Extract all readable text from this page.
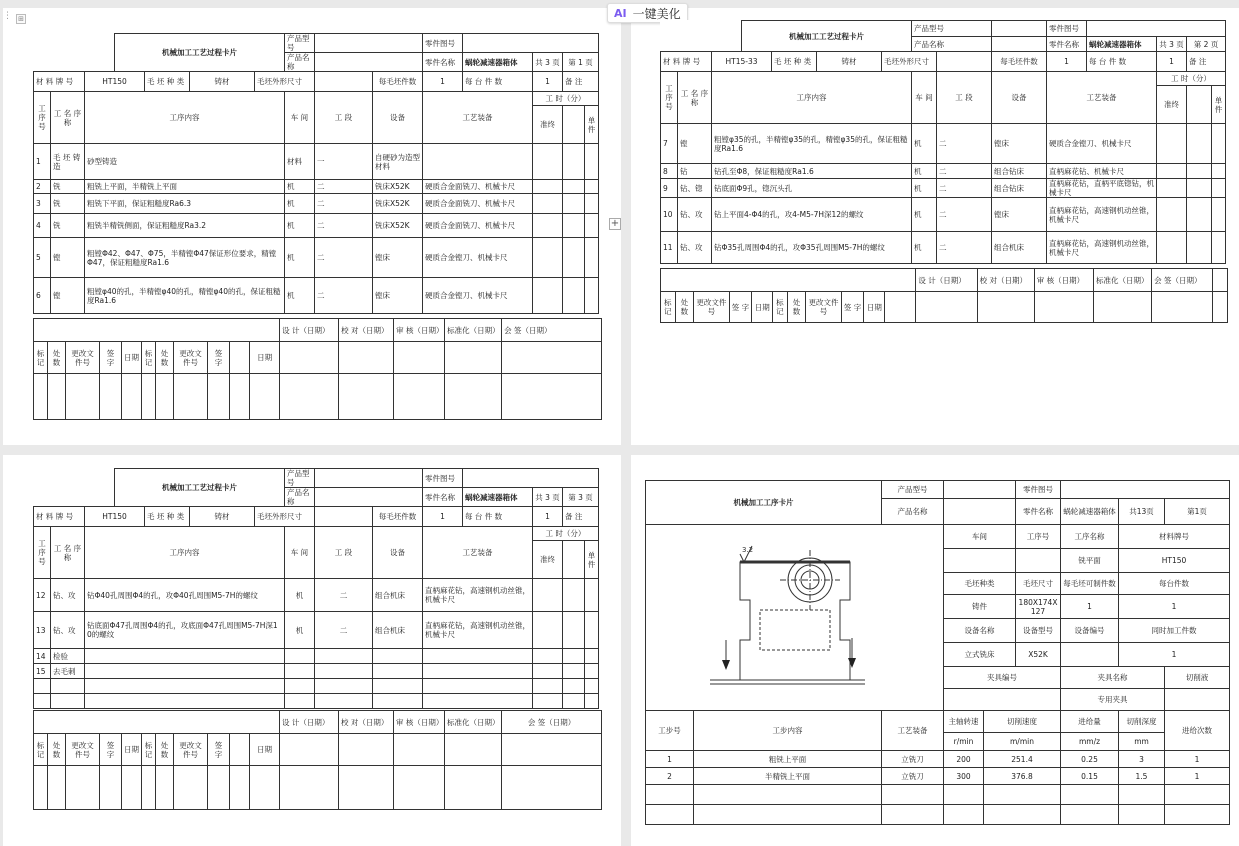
⋮ ⊞	AI 一键美化
+
			机械加工工艺过程卡片				产品型号			零件图号				
							产品名称			零件名称	蜗轮减速器箱体	共 3 页	第 1 页	
材 料 牌 号		HT150		毛 坯 种 类	铸材	毛坯外形尺寸			每毛坯件数	1	每 台 件 数	1	备 注	
工序号	工 名 序 称	工序内容					车 间	工 段	设备	工艺装备		工 时（分）		
												准终		单件
1	毛 坯 铸 造	砂型铸造					材料	一	自硬砂为造型材料					
2	铣	粗铣上平面，半精铣上平面					机	二	铣床X52K	硬质合金面铣刀、机械卡尺				
3	铣	粗铣下平面，保证粗糙度Ra6.3					机	二	铣床X52K	硬质合金面铣刀、机械卡尺				
4	铣	粗铣半精铣侧面，保证粗糙度Ra3.2					机	二	铣床X52K	硬质合金面铣刀、机械卡尺				
5	镗	粗镗Φ42、Φ47、Φ75，半精镗Φ47保证形位要求，精镗Φ47，保证粗糙度Ra1.6					机	二	镗床	硬质合金镗刀、机械卡尺				
6	镗	粗镗φ40的孔，半精镗φ40的孔，精镗φ40的孔，保证粗糙度Ra1.6					机	二	镗床	硬质合金镗刀、机械卡尺				
											设 计（日期）	校 对（日期）	审 核（日期）	标准化（日期）	会 签（日期）
标记	处数	更改文件号	签 字	日期	标记	处数	更改文件号	签 字		日期					

			机械加工工艺过程卡片				产品型号			零件图号				
							产品名称			零件名称	蜗轮减速器箱体	共 3 页	第 2 页	
材 料 牌 号		HT15-33		毛 坯 种 类	铸材	毛坯外形尺寸			每毛坯件数	1	每 台 件 数	1	备 注	
工序号	工 名 序 称	工序内容					车 间	工 段	设备	工艺装备		工 时（分）		
												准终		单件
7	镗	粗镗φ35的孔，半精镗φ35的孔，精镗φ35的孔，保证粗糙度Ra1.6					机	二	镗床	硬质合金镗刀、机械卡尺				
8	钻	钻孔至Φ8，保证粗糙度Ra1.6					机	二	组合钻床	直柄麻花钻、机械卡尺				
9	钻、锪	钻底面Φ9孔，锪沉头孔					机	二	组合钻床	直柄麻花钻，直柄平底锪钻，机械卡尺				
10	钻、攻	钻上平面4-Φ4的孔，攻4-M5-7H深12的螺纹					机	二	镗床	直柄麻花钻，高速钢机动丝锥，机械卡尺				
11	钻、攻	钻Φ35孔周围Φ4的孔，攻Φ35孔周围M5-7H的螺纹					机	二	组合机床	直柄麻花钻，高速钢机动丝锥，机械卡尺				
											设 计（日期）	校 对（日期）	审 核（日期）	标准化（日期）	会 签（日期）	
标记	处数	更改文件号	签 字	日期	标记	处数	更改文件号	签 字	日期							
			机械加工工艺过程卡片				产品型号			零件图号				
							产品名称			零件名称	蜗轮减速器箱体	共 3 页	第 3 页	
材 料 牌 号		HT150		毛 坯 种 类	铸材	毛坯外形尺寸			每毛坯件数	1	每 台 件 数	1	备 注	
工序号	工 名 序 称	工序内容					车 间	工 段	设备	工艺装备		工 时（分）		
												准终		单件
12	钻、攻	钻Φ40孔周围Φ4的孔，攻Φ40孔周围M5-7H的螺纹					机	二	组合机床	直柄麻花钻，高速钢机动丝锥，机械卡尺				
13	钻、攻	钻底面Φ47孔周围Φ4的孔，攻底面Φ47孔周围M5-7H深10的螺纹					机	二	组合机床	直柄麻花钻，高速钢机动丝锥，机械卡尺				
14	检验													
15	去毛刺													

											设 计（日期）	校 对（日期）	审 核（日期）	标准化（日期）	会 签（日期）
标记	处数	更改文件号	签 字	日期	标记	处数	更改文件号	签 字		日期					

机械加工工序卡片		产品型号			零件图号			
		产品名称			零件名称	蜗轮减速器箱体	共13页	第1页
			车间		工序号	工序名称	材料牌号	
						铣平面	HT150	
			毛坯种类		毛坯尺寸	每毛坯可制件数	每台件数	
			铸件		180X174X127	1	1	
			设备名称		设备型号	设备编号	同时加工件数	
			立式铣床		X52K		1	
			夹具编号			夹具名称		切削液
						专用夹具		
工步号	工步内容	工艺装备	主轴转速	切削速度		进给量	切削深度	进给次数
			r/min	m/min		mm/z	mm	
1	粗铣上平面	立铣刀	200	251.4		0.25	3	1
2	半精铣上平面	立铣刀	300	376.8		0.15	1.5	1

3.2
